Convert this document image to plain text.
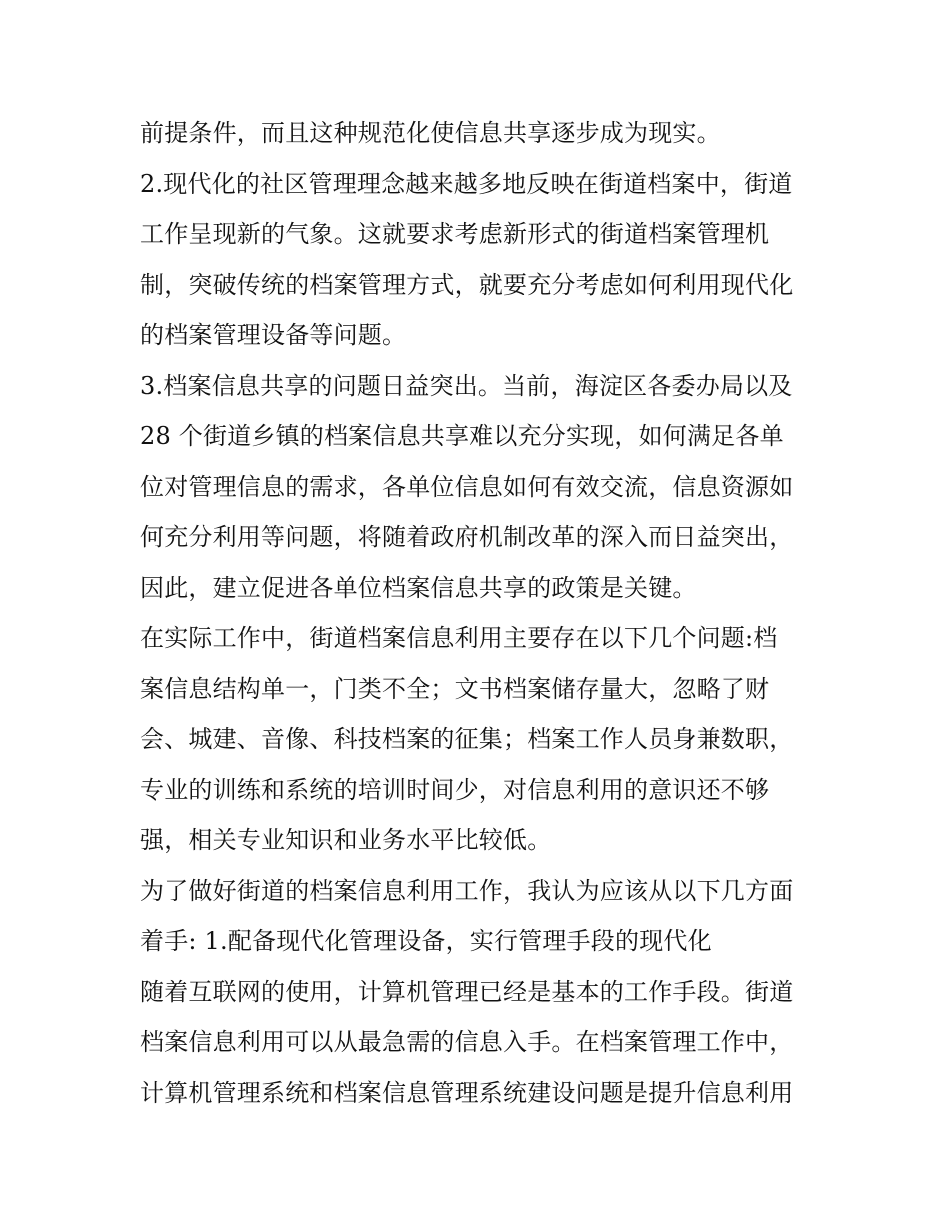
前提条件，而且这种规范化使信息共享逐步成为现实。
2.现代化的社区管理理念越来越多地反映在街道档案中，街道
工作呈现新的气象。这就要求考虑新形式的街道档案管理机
制，突破传统的档案管理方式，就要充分考虑如何利用现代化
的档案管理设备等问题。
3.档案信息共享的问题日益突出。当前，海淀区各委办局以及
28 个街道乡镇的档案信息共享难以充分实现，如何满足各单
位对管理信息的需求，各单位信息如何有效交流，信息资源如
何充分利用等问题，将随着政府机制改革的深入而日益突出，
因此，建立促进各单位档案信息共享的政策是关键。
在实际工作中，街道档案信息利用主要存在以下几个问题:档
案信息结构单一，门类不全；文书档案储存量大，忽略了财
会、城建、音像、科技档案的征集；档案工作人员身兼数职，
专业的训练和系统的培训时间少，对信息利用的意识还不够
强，相关专业知识和业务水平比较低。
为了做好街道的档案信息利用工作，我认为应该从以下几方面
着手: 1.配备现代化管理设备，实行管理手段的现代化
随着互联网的使用，计算机管理已经是基本的工作手段。街道
档案信息利用可以从最急需的信息入手。在档案管理工作中，
计算机管理系统和档案信息管理系统建设问题是提升信息利用
